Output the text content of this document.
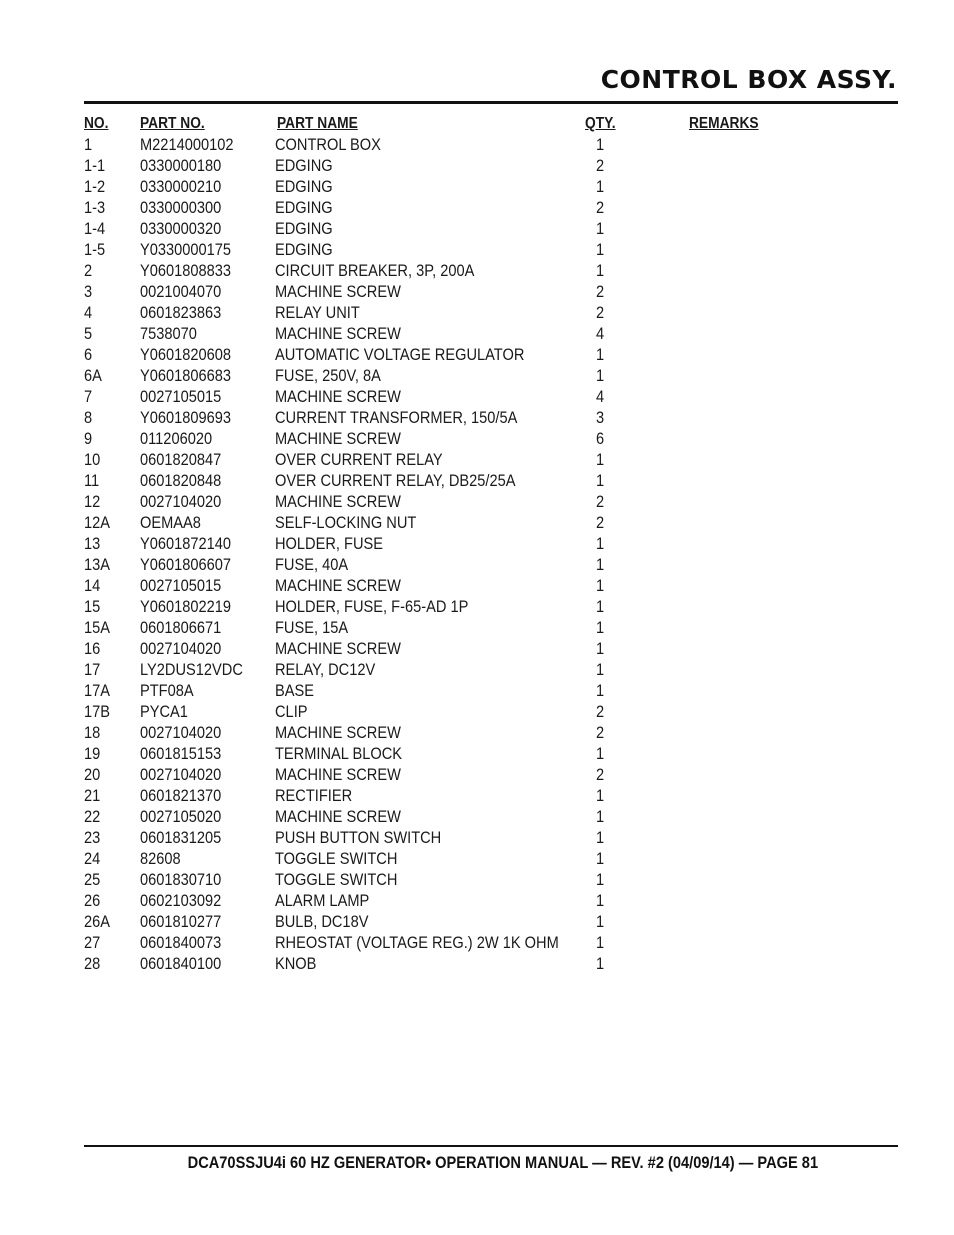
CONTROL BOX ASSY.
NO. PART NO.	PART NAME	QTY.	REMARKS
1	M2214000102 CONTROL BOX	1
1-1 0330000180	EDGING	2
1-2 0330000210	EDGING	1
1-3 0330000300	EDGING	2
1-4 0330000320	EDGING	1
1-5 Y0330000175	EDGING	1
2	Y0601808833	CIRCUIT BREAKER, 3P, 200A	1
3	0021004070	MACHINE SCREW	2
4	0601823863	RELAY UNIT	2
5	7538070	MACHINE SCREW	4
6	Y0601820608	AUTOMATIC VOLTAGE REGULATOR	1
6A Y0601806683	FUSE, 250V, 8A	1
7	0027105015	MACHINE SCREW	4
8	Y0601809693	CURRENT TRANSFORMER, 150/5A	3
9	011206020	MACHINE SCREW	6
10 0601820847	OVER CURRENT RELAY	1
11 0601820848	OVER CURRENT RELAY, DB25/25A	1
12 0027104020	MACHINE SCREW	2
12A OEMAA8	SELF-LOCKING NUT	2
13 Y0601872140	HOLDER, FUSE	1
13A Y0601806607	FUSE, 40A	1
14 0027105015	MACHINE SCREW	1
15 Y0601802219	HOLDER, FUSE, F-65-AD 1P	1
15A 0601806671	FUSE, 15A	1
16 0027104020	MACHINE SCREW	1
17 LY2DUS12VDC RELAY, DC12V	1
17A PTF08A	BASE	1
17B PYCA1	CLIP	2
18 0027104020	MACHINE SCREW	2
19 0601815153	TERMINAL BLOCK	1
20 0027104020	MACHINE SCREW	2
21 0601821370	RECTIFIER	1
22 0027105020	MACHINE SCREW	1
23 0601831205	PUSH BUTTON SWITCH	1
24 82608	TOGGLE SWITCH	1
25 0601830710	TOGGLE SWITCH	1
26 0602103092	ALARM LAMP	1
26A 0601810277	BULB, DC18V	1
27 0601840073	RHEOSTAT (VOLTAGE REG.) 2W 1K OHM 1
28 0601840100	KNOB	1
DCA70SSJU4i 60 HZ GENERATOR• OPERATION MANUAL — REV. #2 (04/09/14) — PAGE 81
